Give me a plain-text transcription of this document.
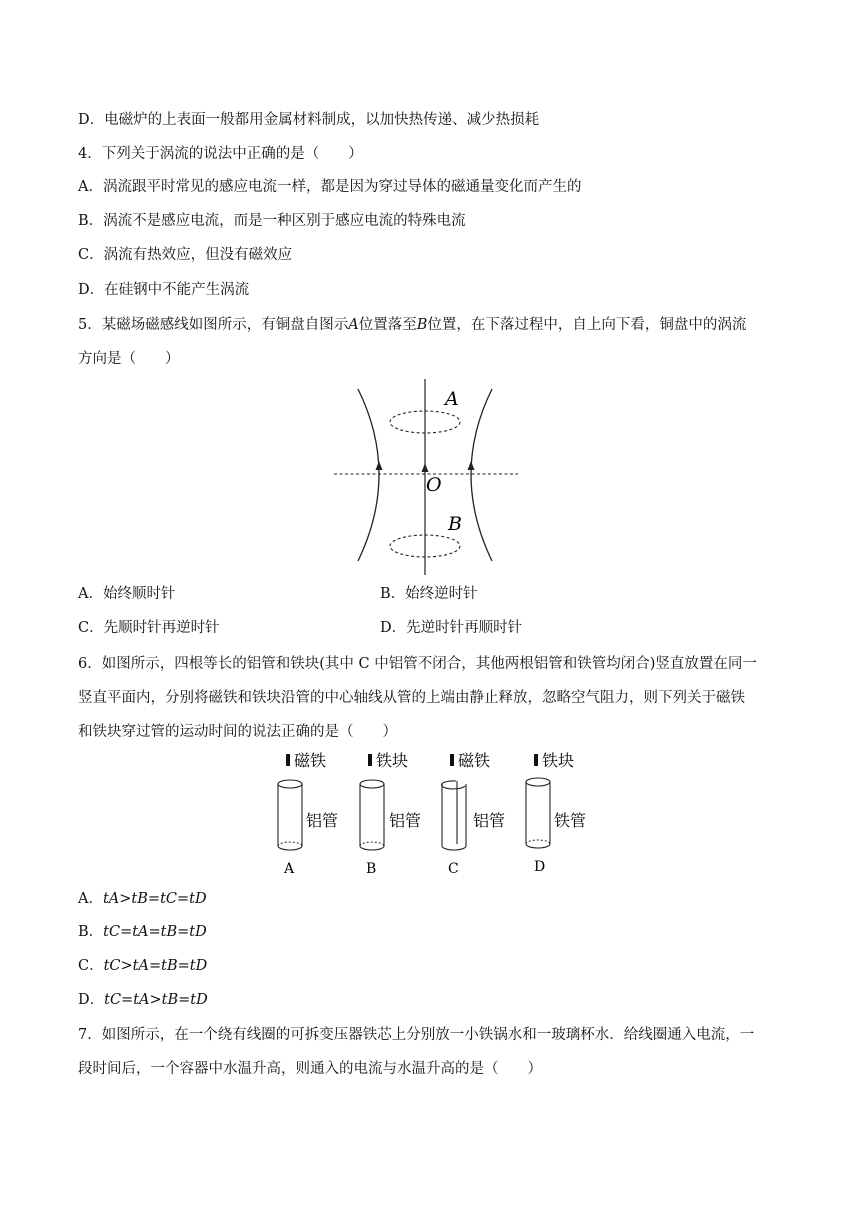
D．电磁炉的上表面一般都用金属材料制成，以加快热传递、减少热损耗
4．下列关于涡流的说法中正确的是（　　）
A．涡流跟平时常见的感应电流一样，都是因为穿过导体的磁通量变化而产生的
B．涡流不是感应电流，而是一种区别于感应电流的特殊电流
C．涡流有热效应，但没有磁效应
D．在硅钢中不能产生涡流
5．某磁场磁感线如图所示，有铜盘自图示A位置落至B位置，在下落过程中，自上向下看，铜盘中的涡流
方向是（　　）
A
O
B
A．始终顺时针	B．始终逆时针
C．先顺时针再逆时针	D．先逆时针再顺时针
6．如图所示，四根等长的铝管和铁块(其中 C 中铝管不闭合，其他两根铝管和铁管均闭合)竖直放置在同一
竖直平面内，分别将磁铁和铁块沿管的中心轴线从管的上端由静止释放，忽略空气阻力，则下列关于磁铁
和铁块穿过管的运动时间的说法正确的是（　　）
磁铁
铝管
A
铁块
铝管
B
磁铁
铝管
C
铁块
铁管
D
A．tA>tB=tC=tD
B．tC=tA=tB=tD
C．tC>tA=tB=tD
D．tC=tA>tB=tD
7．如图所示，在一个绕有线圈的可拆变压器铁芯上分别放一小铁锅水和一玻璃杯水．给线圈通入电流，一
段时间后，一个容器中水温升高，则通入的电流与水温升高的是（　　）
